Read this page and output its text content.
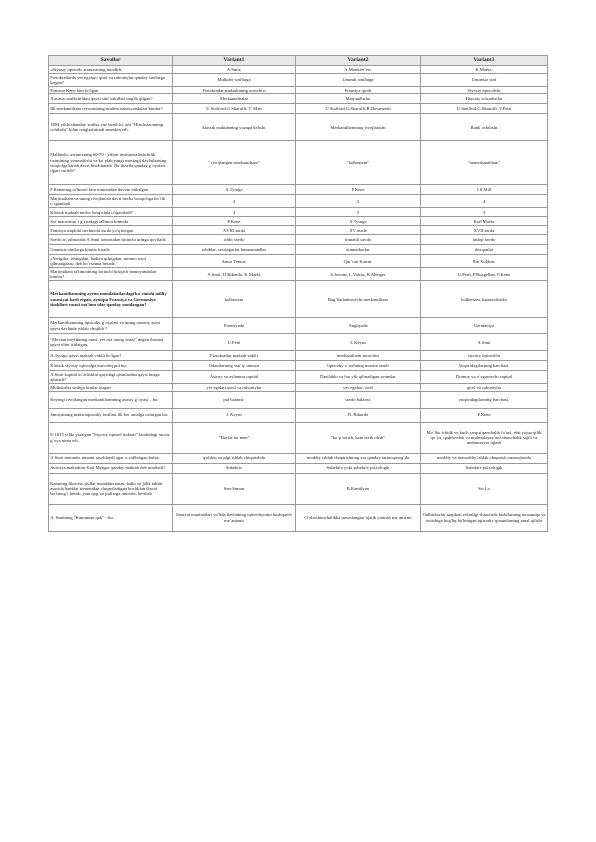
Savollar	Variant1	Variant2	Variant3
«Siyosiy iqtisod» atamasining muallifi:	A.Smit;	A.Monkret’en;	K.Marks.
Fiziokratlarda yer egalari, qirol va ruhoniylar qanday sinflarga kirgan?	Mulkdor sinflarga	Unumli sinflarga	Unumsiz sinf
Fransua Kene kim bo'lgan	Fiziokratlar maktabining asoschisi	Fransiya qiroli	Siyosiy iqtisodchi
Xususiy mulkchilikni qaysi sinf vakillari targ'ib qilgan?	Merkantelistlar	Marjinalistlar	Hayotiy sotsialistlar
Ilk merkantilizm reyosatining muhim namoyandalari kimlar?	U.Stafford,G.Skaruffi, T. Man	U.Stafford,G.Skaruffi,B.Davanzetti	U.Stafford,G.Skaruffi, V.Petti
1894 yilda shunday xodisa yuz berdi-ki, uni "Hinchsizonning ochilishi" bilan tenglashtiradi mumkin edi.	klassik maktabning yuzaga kelishi	Merkantilizmning rivojlanishi	Bank ochilishi
Mallinski, asrimizning 60-70 - yillari institutsialashchilik tizimining yonmaliishi va ko`plab yangi mustaqil davlatlarning istiqlolga kirish davri hisoblanadi. Bu davrda qanday g`oyalari ilgari surildi?	" rivojlangan merkantilizm"	"kolberizm"	"nomerkantilizm"
F.Kenening ta'limoti kim tomonidan davom ettirilgan	A.Tyurgo	F.Kene	J.S.Mill
Marjinalizm va uning rivojlanish davri necha bosqichga bo`lib o`rganiladi	3	2	4
Klassik maktab necha bosqichda o'rganiladi?	4	5	3
Sof marosituo`r g`risidagi ta'limot kimniki	P.Kene	A.Tyurgo	Karl Marks
Fransiya mqdobi nechinchi asrda yo'q bergan	XVIII asrda	XV asrda	XVII asrda
Savdo to`zilmasida A.Smit tomonidan birinchi uringa qoyiladi:	ichki savdo	tranzitli savdo	tashqi savdo
Unumsiz sinflarga kimlar kiradi:	tabiblar, savdogarlar hunarmandlar	zinmatkorlar	dexqonlar
«Yerigdar, ishingdan, hadiya qilingdan, nimmo isrof qilmangdan» deb ko`rsatma beradi:	Amur Temur;	Qur’oni Karim;	Ibn Xoldun;
Marjinalizm ta'limotining birinchi bosqich namoyandalari kimlar?	A.Smit, D.Rikardo, K.Marks	S.Jevons, L.Valras, K.Menger	U.Petti, P.Buagelber, F.Kene
Merkantilizmning ayrim mamlakatlardagi ko`rinishi milliy xususiyat kasb etgan, ayniqsa Fransiya va Germaniya shakllari rasmi ma'lum ular qanday nomlangan?	kolberizm	Rag`batlantiruvchi merkantilizm	kolberizm, kameralistika
Merkantilizmning iqtisodiy g`oyalari va uning nazariy asosi qaysi davlatda ishlab chiqildi ?	Fransiyada	Angliyada	Germaniya
“Mexnat boylikning otasi, yer esa uning onasi” degan iborani qaysi olim ishlatgan.	U.Petti	J. Keyns	A.Smit
A.Tyurgo qaysi maktab vakili bo'lgan?	Fiziokratlar maktab vakili	merkantilizm asoschisi	siyosiy iqtisodchi
Klassik siyosiy iqtisodga muvofiq pul bu:	Odamlarning san’iy intirosi	Iqtisodiy o`sishning muxim omili	Yuqoridagilarning barchasi.
A.Smit kapital to`zilishini quyidagi qismlardan qaysi biriga ajratadi?	Asosiy va aylanma capital	Dastlabki va har yili qilinadigan avanslar	Doimiy va o`zgaruvchi capital
Mulkdorlar sinfiga kimlar kirgan	yer egalari,qirol va ruhoniylar	yer egalari, zodi	qirol va ruhoniylar
Keyingi rivojlangan merkantilizmning asosiy g`oyasi – bu:	pul balansi;	savdo balansi;	yuqoridagilarning barchasi.
Jamiyatning makroiqtisodiy tasilimi ilk bor amalga oshirgan bu:	J. Keyns	D. Rikardo	F.Kene
U 1615 yilda yozilgan "Siyosiy iqtisod traktati" kitobidagi asosiy g`oya nima edi..	"Davlat bu men"	"ko`p sotish, kam sotib olish"	Mo`lko ichidk va kuch sarqui qanchalik fo'ayi, ebti yojuz qilib qo`ya, qadrlovdok va mulmulayaz`ani shunchalik sajili va mohimrovar iqlash
A.Smit merantiz nimani xisoblaydi agar u xatllangan bulsa;	qishloq xojalgi ishlab chiqarishda	moddiy ishlab chiqarishning xar qanday tarmoqrnog`da	moddiy va nomoddiy ishlab chiqarish tarmoqlarida
Avstriya maktabini Karl Menger qanday maktab deb nomladi?	Subektiv	Subektiv yoki subektiv psixologik	Subektiv psixologik
Kamning fikricha, pullar metaldan emas, balki so`jalik tabiiti asosida banklar tomonidan chiqariladigan bozldilan iborat bo`lmog`i kerak; yani qog`oz pullarga intirishi, berilish	Sen-Simon	R.Kantilyon	Ssi Lo
A. Smitning "Kammnas qok" - bu:	Jamiyat manfaatlari yo'lida davlatning iqtisodiyotini boshqarilv me’anizmi	O`zboshimchalikka nasoslangan 'ajalik yarinsh me`anizmi	Tadbirkorlar raqobati erkinligi sharoitida kishilarning moxaniqa va xotishiga bog'liq bo'lmagan iqtisodiy qonunlarning amal qilishi
